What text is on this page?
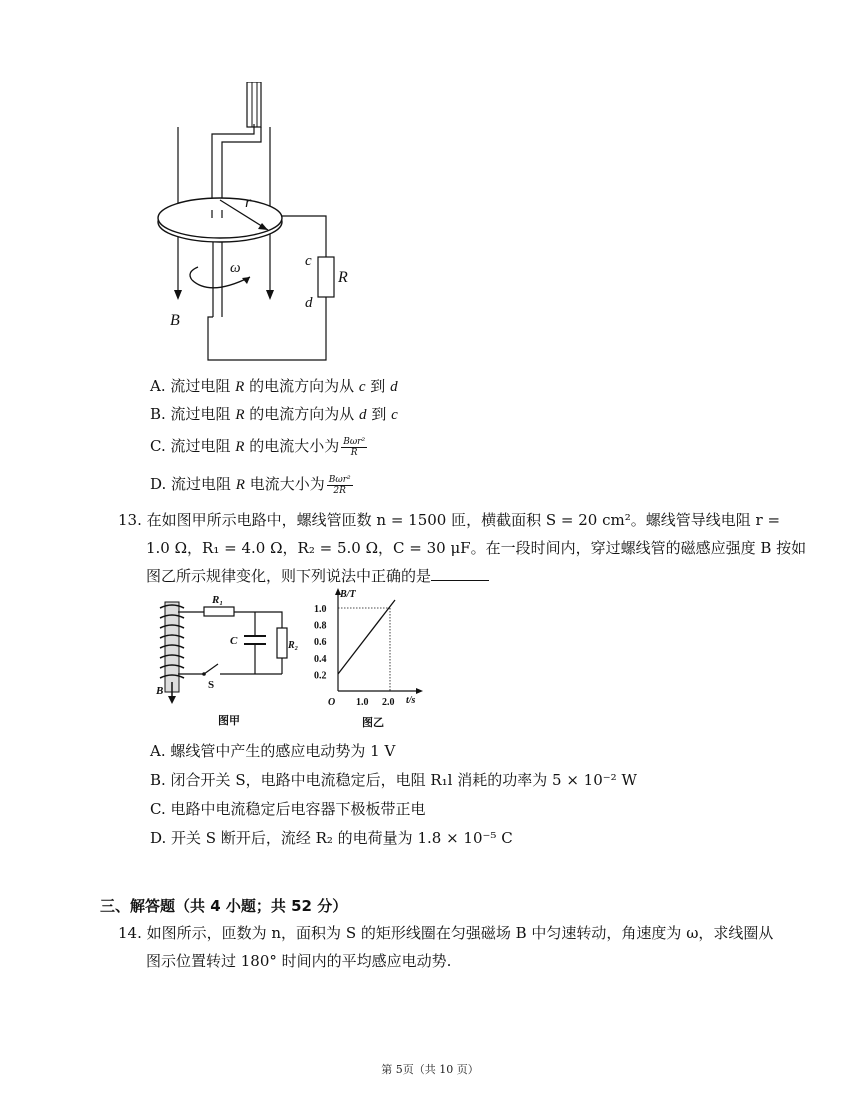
r
ω
B
c
d
R
A. 流过电阻 R 的电流方向为从 c 到 d
B. 流过电阻 R 的电流方向为从 d 到 c
C. 流过电阻 R 的电流大小为 $\frac{\text{Bωr²}}{R}$
D. 流过电阻 R 电流大小为 $\frac{\text{Bωr²}}{2R}$
13. 在如图甲所示电路中，螺线管匝数 n = 1500 匝，横截面积 S = 20 cm²。螺线管导线电阻 r =
1.0 Ω，R₁ = 4.0 Ω，R₂ = 5.0 Ω，C = 30 μF。在一段时间内，穿过螺线管的磁感应强度 B 按如
图乙所示规律变化，则下列说法中正确的是
B
R₁
C	R₂
S
图甲
B/T
t/s
O
1.0
0.8
0.6
0.4
0.2
1.0 2.0
图乙
A. 螺线管中产生的感应电动势为 1 V
B. 闭合开关 S，电路中电流稳定后，电阻 R₁l 消耗的功率为 5 × 10⁻² W
C. 电路中电流稳定后电容器下极板带正电
D. 开关 S 断开后，流经 R₂ 的电荷量为 1.8 × 10⁻⁵ C
三、解答题（共 4 小题；共 52 分）
14. 如图所示，匝数为 n，面积为 S 的矩形线圈在匀强磁场 B 中匀速转动，角速度为 ω，求线圈从
图示位置转过 180° 时间内的平均感应电动势.
第 5页（共 10 页）
